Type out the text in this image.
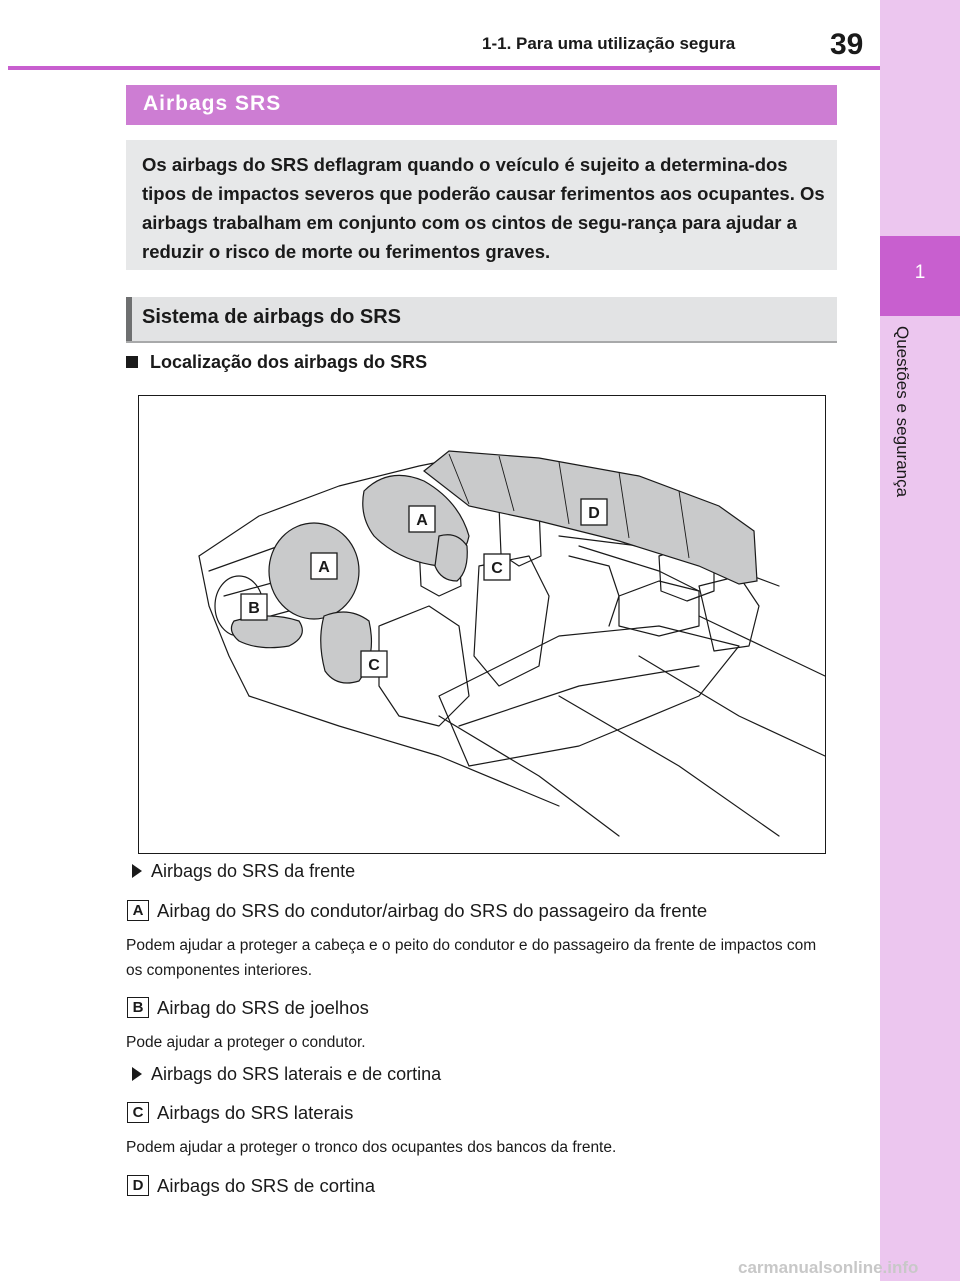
1-1. Para uma utilização segura	39
1
Questões e segurança
Airbags SRS

Os airbags do SRS deflagram quando o veículo é sujeito a determina-dos tipos de impactos severos que poderão causar ferimentos aos ocupantes. Os airbags trabalham em conjunto com os cintos de segu-rança para ajudar a reduzir o risco de morte ou ferimentos graves.

Sistema de airbags do SRS
Localização dos airbags do SRS
A
A
B
C
C
D
Airbags do SRS da frente
A Airbag do SRS do condutor/airbag do SRS do passageiro da frente
Podem ajudar a proteger a cabeça e o peito do condutor e do passageiro da frente de impactos com os componentes interiores.
B Airbag do SRS de joelhos
Pode ajudar a proteger o condutor.
Airbags do SRS laterais e de cortina
C Airbags do SRS laterais
Podem ajudar a proteger o tronco dos ocupantes dos bancos da frente.
D Airbags do SRS de cortina
carmanualsonline.info
